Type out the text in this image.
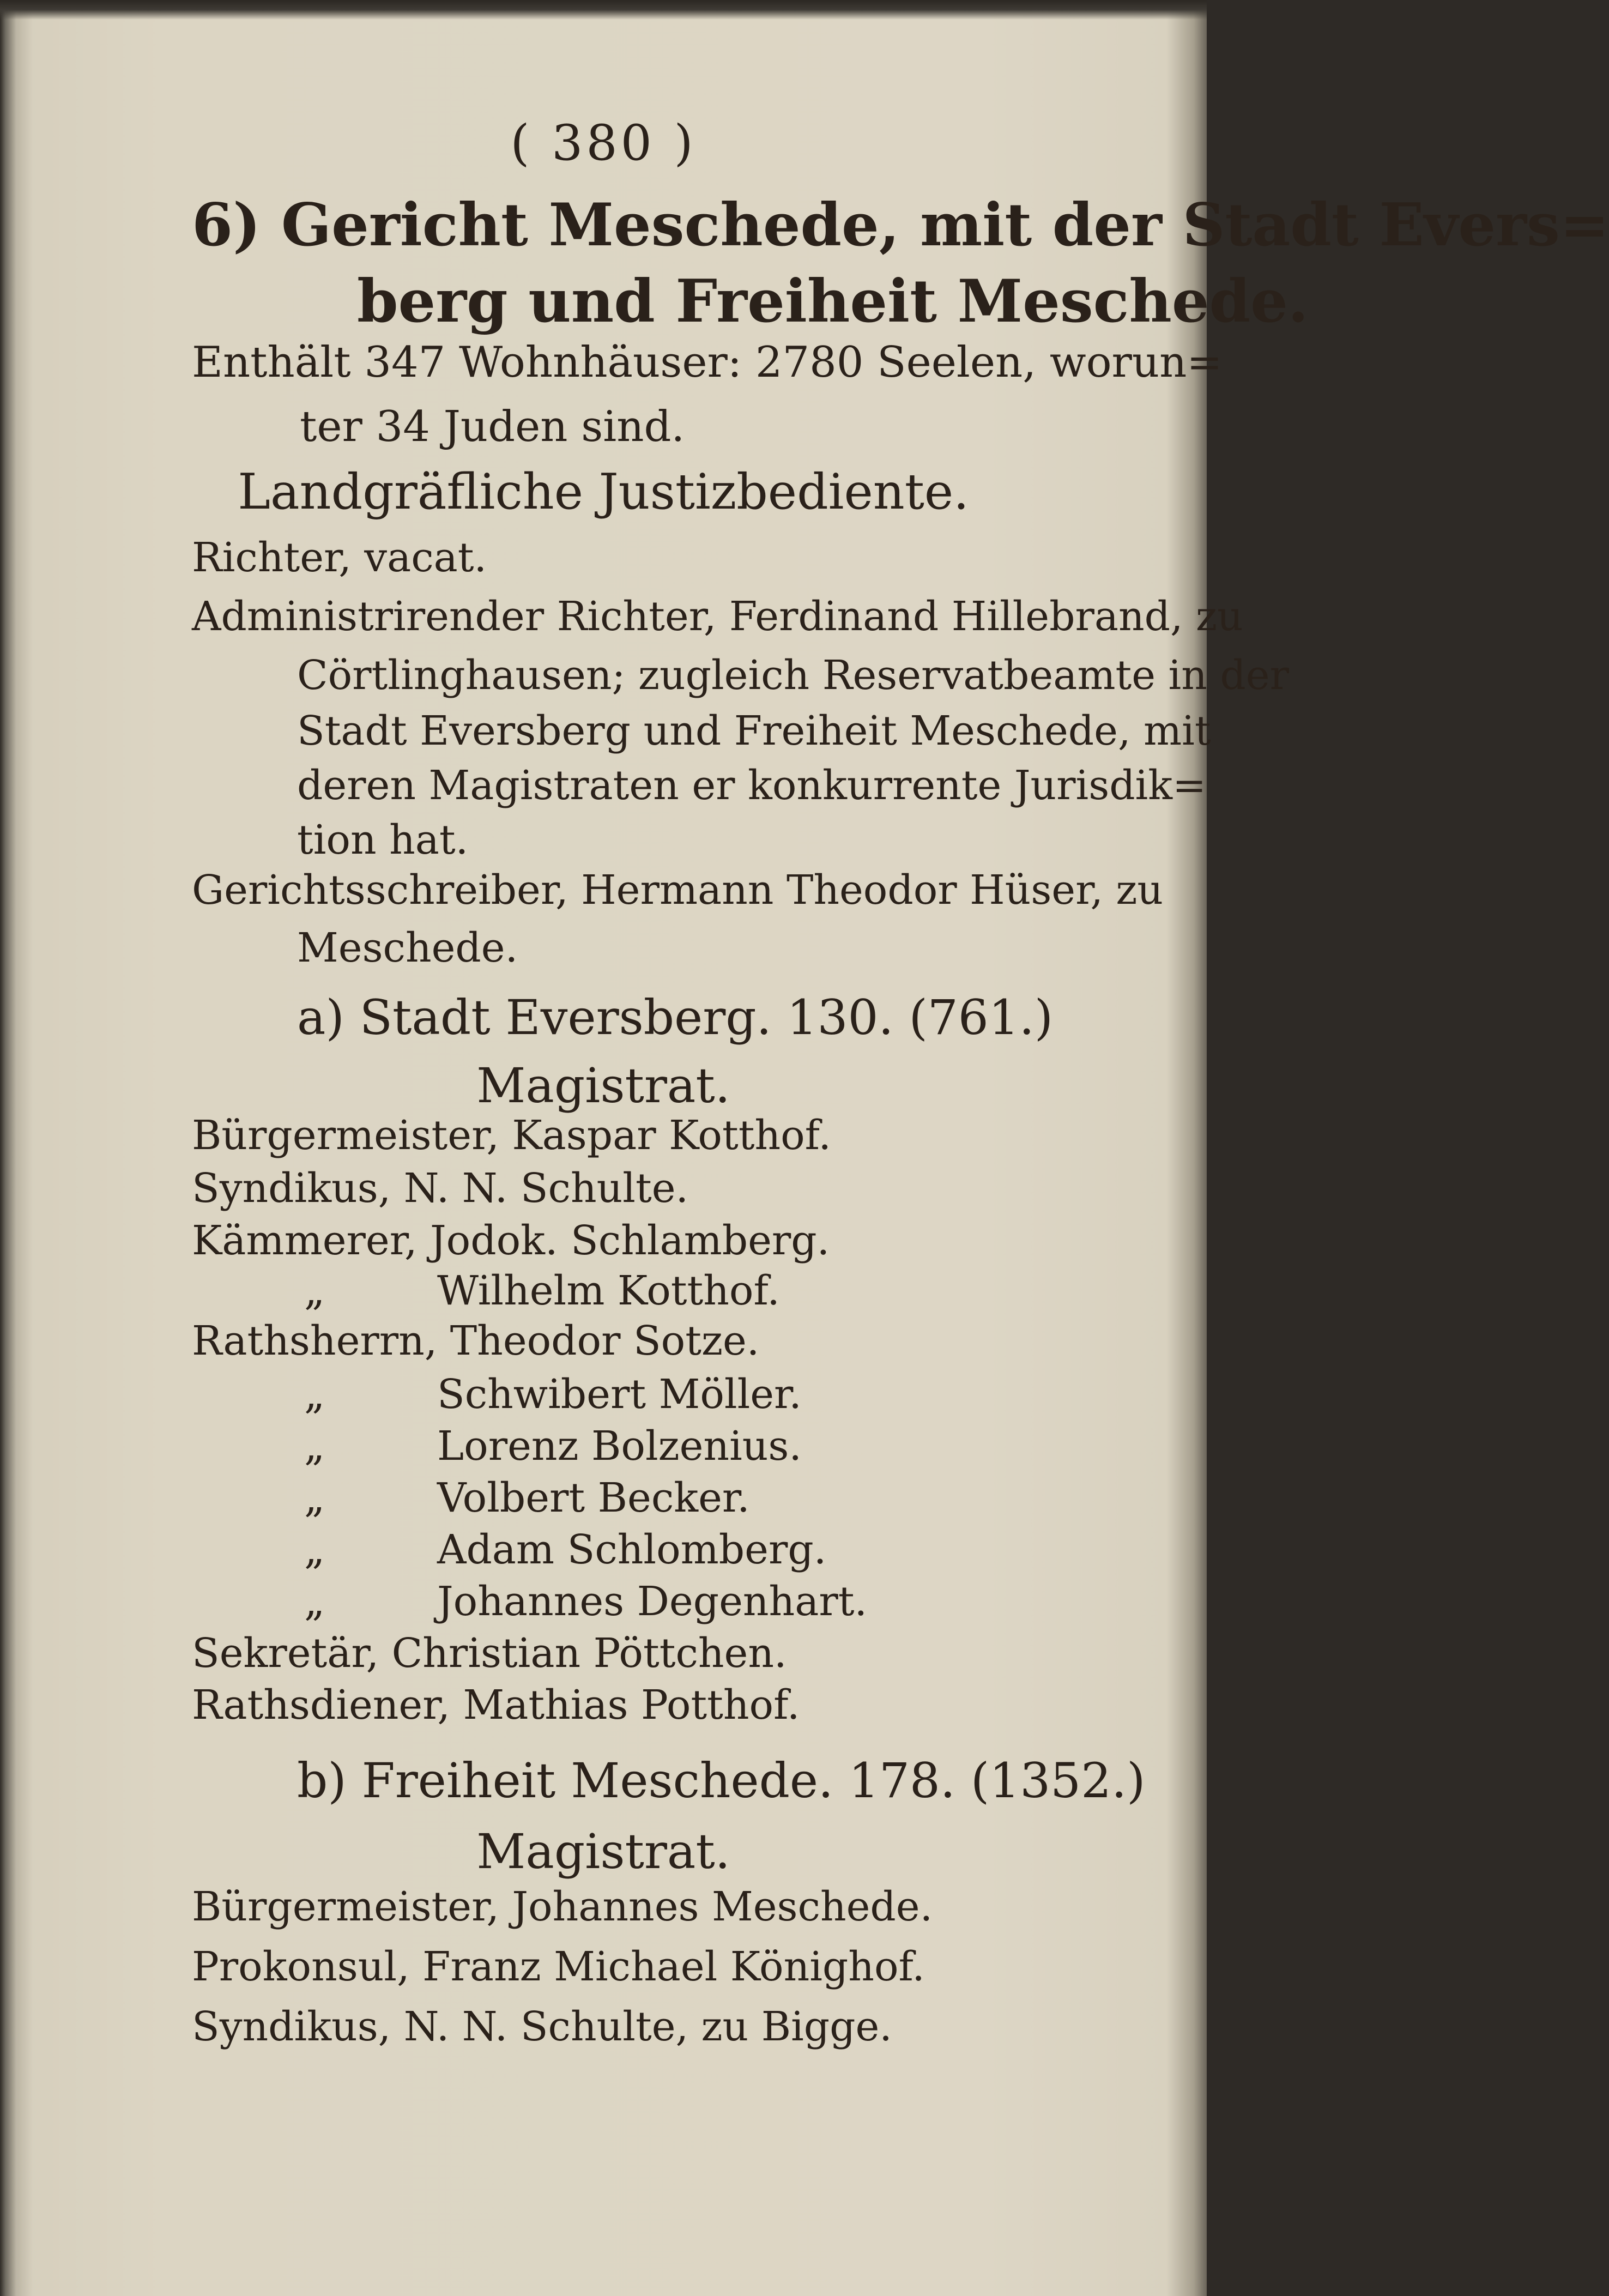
( 380 )
6) Gericht Meschede, mit der Stadt Evers=
berg und Freiheit Meschede.
Enthält 347 Wohnhäuser: 2780 Seelen, worun=
ter 34 Juden sind.
Landgräfliche Justizbediente.
Richter, vacat.
Administrirender Richter, Ferdinand Hillebrand, zu
Cörtlinghausen; zugleich Reservatbeamte in der
Stadt Eversberg und Freiheit Meschede, mit
deren Magistraten er konkurrente Jurisdik=
tion hat.
Gerichtsschreiber, Hermann Theodor Hüser, zu
Meschede.
a) Stadt Eversberg. 130. (761.)
Magistrat.
Bürgermeister, Kaspar Kotthof.
Syndikus, N. N. Schulte.
Kämmerer, Jodok. Schlamberg.
„	Wilhelm Kotthof.
Rathsherrn, Theodor Sotze.
„	Schwibert Möller.
„	Lorenz Bolzenius.
„	Volbert Becker.
„	Adam Schlomberg.
„	Johannes Degenhart.
Sekretär, Christian Pöttchen.
Rathsdiener, Mathias Potthof.
b) Freiheit Meschede. 178. (1352.)
Magistrat.
Bürgermeister, Johannes Meschede.
Prokonsul, Franz Michael Könighof.
Syndikus, N. N. Schulte, zu Bigge.
